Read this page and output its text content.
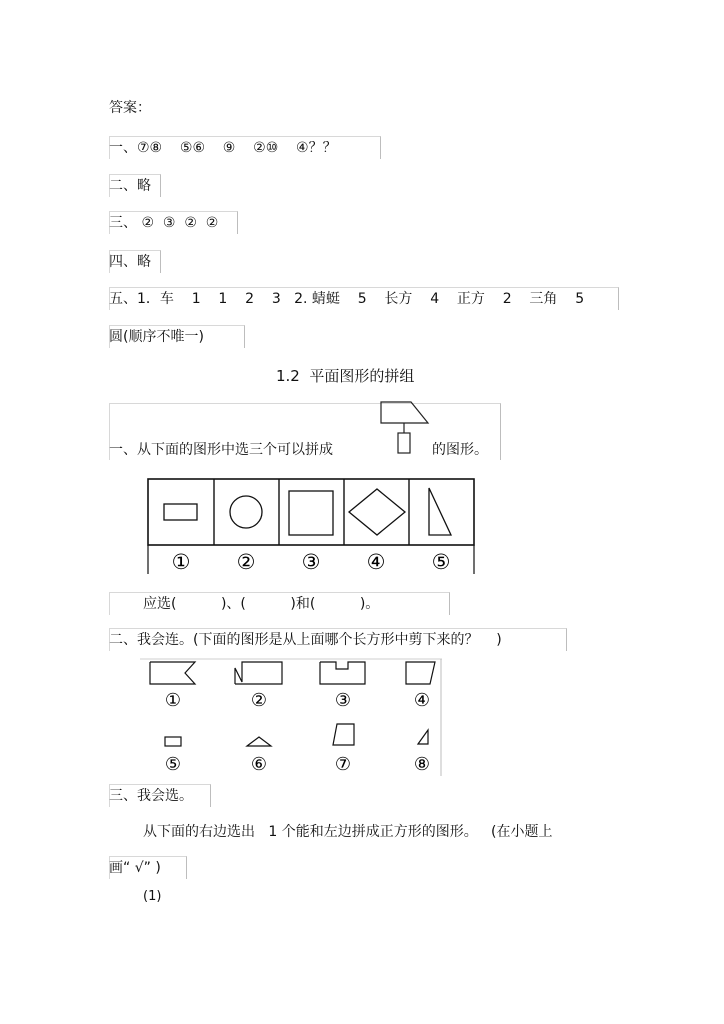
答案：
一、⑦⑧    ⑤⑥    ⑨    ②⑩    ④？？
二、略
三、 ②  ③  ②  ②
四、略
五、1．车    1    1    2    3   2. 蜻蜓    5    长方    4    正方    2    三角    5
圆(顺序不唯一)
1.2  平面图形的拼组
一、从下面的图形中选三个可以拼成	的图形。
① ② ③ ④ ⑤
应选(          )、(          )和(          )。
二、我会连。(下面的图形是从上面哪个长方形中剪下来的？    )
①	②	③	④
⑤	⑥	⑦	⑧
三、我会选。
从下面的右边选出   1 个能和左边拼成正方形的图形。   (在小题上
画“ √” )
(1)
